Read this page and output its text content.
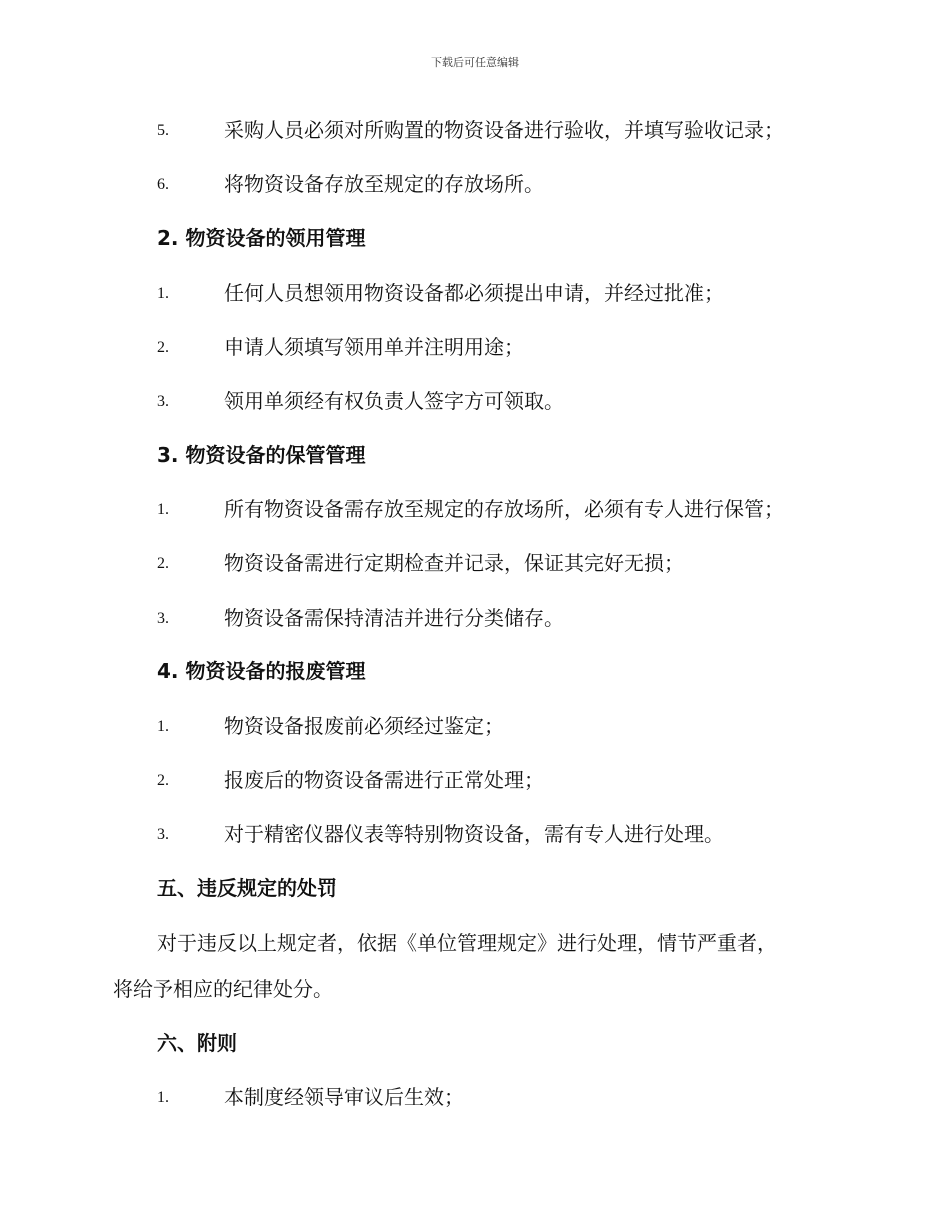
下载后可任意编辑
5.	采购人员必须对所购置的物资设备进行验收，并填写验收记录；
6.	将物资设备存放至规定的存放场所。
2. 物资设备的领用管理
1.	任何人员想领用物资设备都必须提出申请，并经过批准；
2.	申请人须填写领用单并注明用途；
3.	领用单须经有权负责人签字方可领取。
3. 物资设备的保管管理
1.	所有物资设备需存放至规定的存放场所，必须有专人进行保管；
2.	物资设备需进行定期检查并记录，保证其完好无损；
3.	物资设备需保持清洁并进行分类储存。
4. 物资设备的报废管理
1.	物资设备报废前必须经过鉴定；
2.	报废后的物资设备需进行正常处理；
3.	对于精密仪器仪表等特别物资设备，需有专人进行处理。
五、违反规定的处罚
对于违反以上规定者，依据《单位管理规定》进行处理，情节严重者，
将给予相应的纪律处分。
六、附则
1.	本制度经领导审议后生效；
